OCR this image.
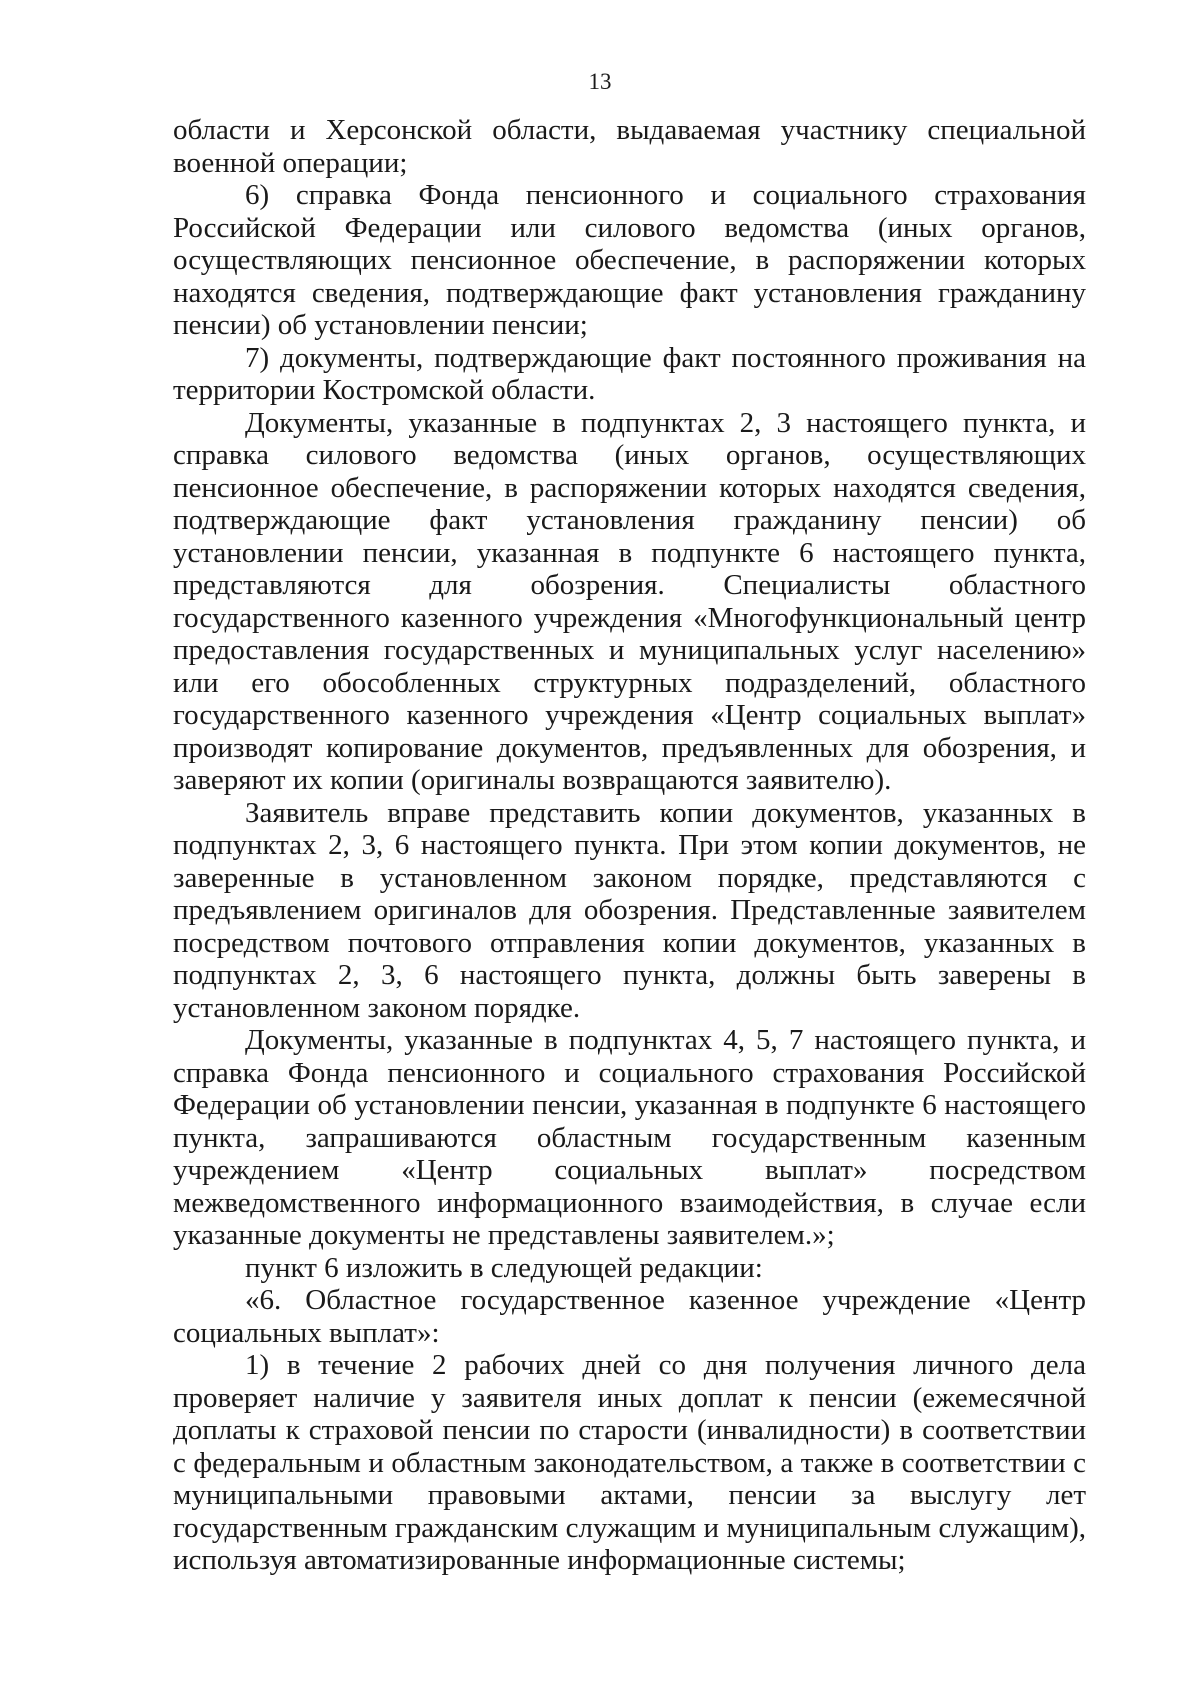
13

области и Херсонской области, выдаваемая участнику специальной военной операции;

6) справка Фонда пенсионного и социального страхования Российской Федерации или силового ведомства (иных органов, осуществляющих пенсионное обеспечение, в распоряжении которых находятся сведения, подтверждающие факт установления гражданину пенсии) об установлении пенсии;

7) документы, подтверждающие факт постоянного проживания на территории Костромской области.

Документы, указанные в подпунктах 2, 3 настоящего пункта, и справка силового ведомства (иных органов, осуществляющих пенсионное обеспечение, в распоряжении которых находятся сведения, подтверждающие факт установления гражданину пенсии) об установлении пенсии, указанная в подпункте 6 настоящего пункта, представляются для обозрения. Специалисты областного государственного казенного учреждения «Многофункциональный центр предоставления государственных и муниципальных услуг населению» или его обособленных структурных подразделений, областного государственного казенного учреждения «Центр социальных выплат» производят копирование документов, предъявленных для обозрения, и заверяют их копии (оригиналы возвращаются заявителю).

Заявитель вправе представить копии документов, указанных в подпунктах 2, 3, 6 настоящего пункта. При этом копии документов, не заверенные в установленном законом порядке, представляются с предъявлением оригиналов для обозрения. Представленные заявителем посредством почтового отправления копии документов, указанных в подпунктах 2, 3, 6 настоящего пункта, должны быть заверены в установленном законом порядке.

Документы, указанные в подпунктах 4, 5, 7 настоящего пункта, и справка Фонда пенсионного и социального страхования Российской Федерации об установлении пенсии, указанная в подпункте 6 настоящего пункта, запрашиваются областным государственным казенным учреждением «Центр социальных выплат» посредством межведомственного информационного взаимодействия, в случае если указанные документы не представлены заявителем.»;

пункт 6 изложить в следующей редакции:

«6. Областное государственное казенное учреждение «Центр социальных выплат»:

1) в течение 2 рабочих дней со дня получения личного дела проверяет наличие у заявителя иных доплат к пенсии (ежемесячной доплаты к страховой пенсии по старости (инвалидности) в соответствии с федеральным и областным законодательством, а также в соответствии с муниципальными правовыми актами, пенсии за выслугу лет государственным гражданским служащим и муниципальным служащим), используя автоматизированные информационные системы;
